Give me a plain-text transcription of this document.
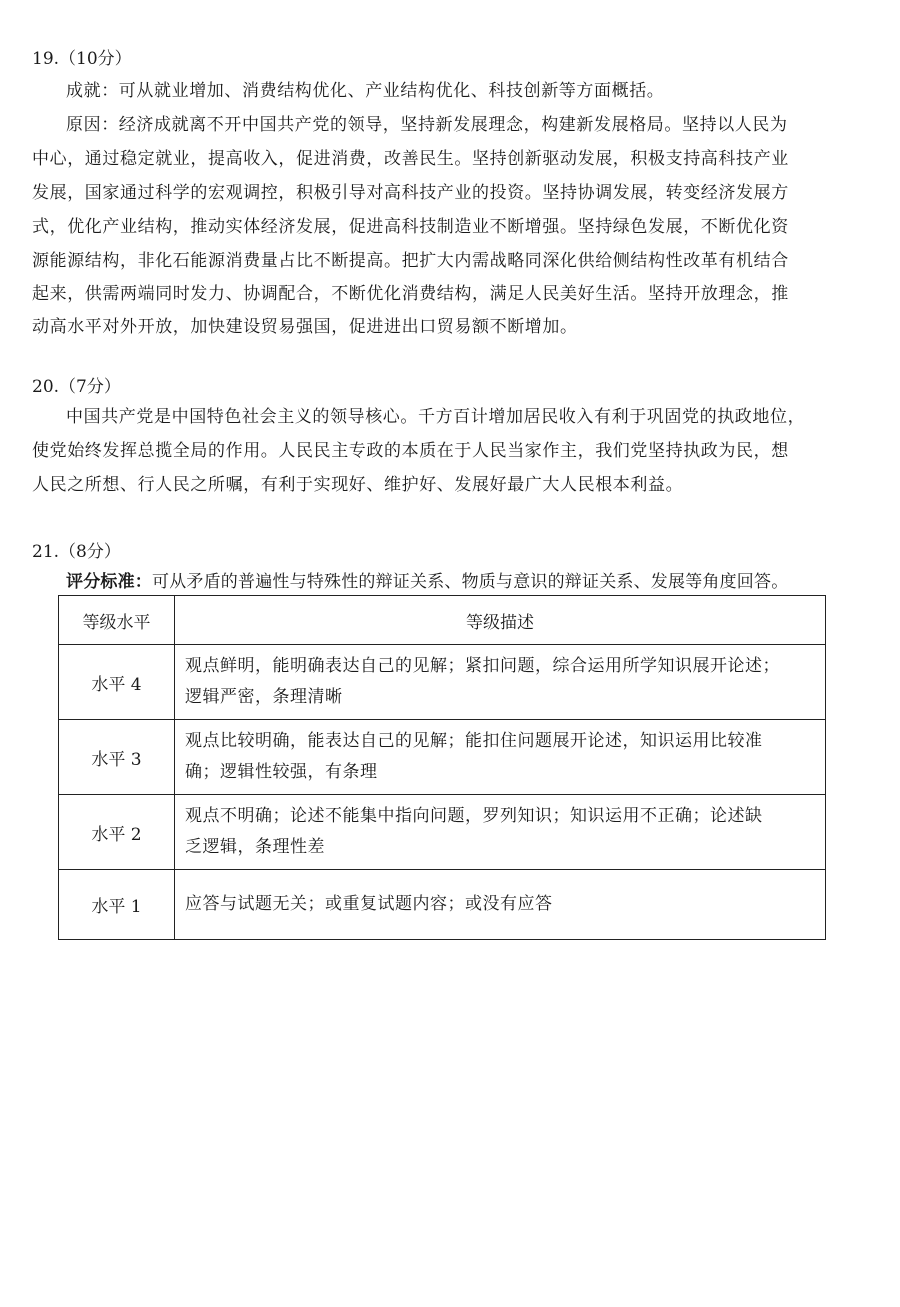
19.（10分）
成就：可从就业增加、消费结构优化、产业结构优化、科技创新等方面概括。
原因：经济成就离不开中国共产党的领导，坚持新发展理念，构建新发展格局。坚持以人民为
中心，通过稳定就业，提高收入，促进消费，改善民生。坚持创新驱动发展，积极支持高科技产业
发展，国家通过科学的宏观调控，积极引导对高科技产业的投资。坚持协调发展，转变经济发展方
式，优化产业结构，推动实体经济发展，促进高科技制造业不断增强。坚持绿色发展，不断优化资
源能源结构，非化石能源消费量占比不断提高。把扩大内需战略同深化供给侧结构性改革有机结合
起来，供需两端同时发力、协调配合，不断优化消费结构，满足人民美好生活。坚持开放理念，推
动高水平对外开放，加快建设贸易强国，促进进出口贸易额不断增加。
20.（7分）
中国共产党是中国特色社会主义的领导核心。千方百计增加居民收入有利于巩固党的执政地位，
使党始终发挥总揽全局的作用。人民民主专政的本质在于人民当家作主，我们党坚持执政为民，想
人民之所想、行人民之所嘱，有利于实现好、维护好、发展好最广大人民根本利益。
21.（8分）
评分标准：可从矛盾的普遍性与特殊性的辩证关系、物质与意识的辩证关系、发展等角度回答。
等级水平	等级描述
水平 4	观点鲜明，能明确表达自己的见解；紧扣问题，综合运用所学知识展开论述；
逻辑严密，条理清晰

水平 3	观点比较明确，能表达自己的见解；能扣住问题展开论述，知识运用比较准
确；逻辑性较强，有条理

水平 2	观点不明确；论述不能集中指向问题，罗列知识；知识运用不正确；论述缺
乏逻辑，条理性差

水平 1	应答与试题无关；或重复试题内容；或没有应答
